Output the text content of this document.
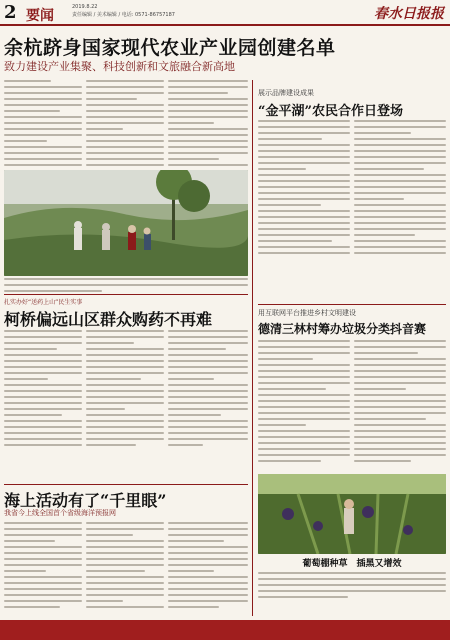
2 要闻
2019.8.22
责任编辑 / 美术编辑 / 电话: 0571-86757187	春水日报报
余杭跻身国家现代农业产业园创建名单
致力建设产业集聚、科技创新和文旅融合新高地
展示品牌建设成果
“金平湖”农民合作日登场
扎实办好“送药上山”民生实事
柯桥偏远山区群众购药不再难	用互联网平台推进乡村文明建设
德清三林村筹办垃圾分类抖音赛
海上活动有了“千里眼”
我省今上线全国首个省级海洋预报网
葡萄棚种草　插黑又增效
